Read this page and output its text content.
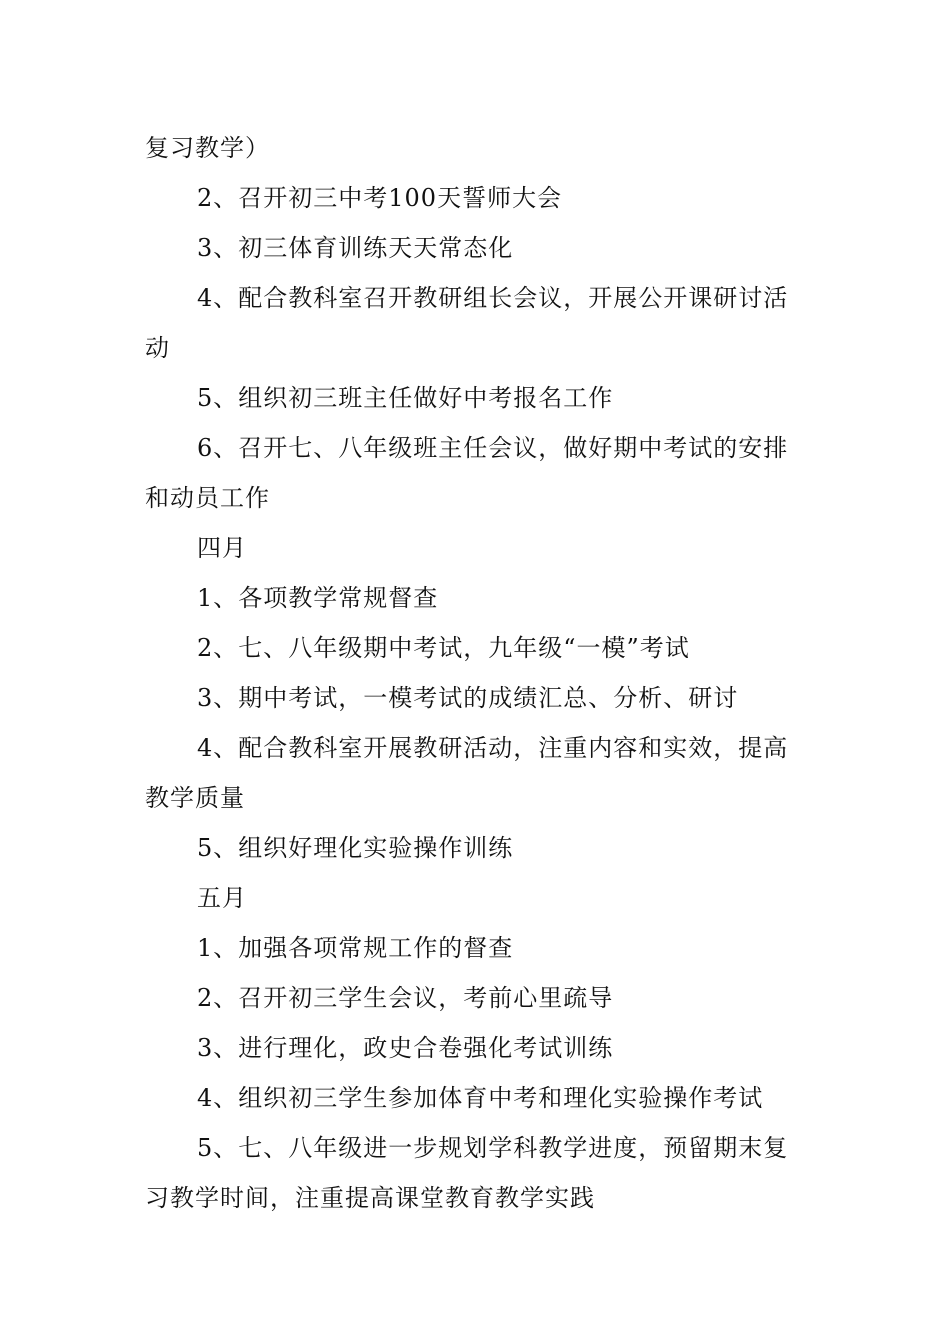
复习教学）

2、召开初三中考100天誓师大会

3、初三体育训练天天常态化

4、配合教科室召开教研组长会议，开展公开课研讨活动

5、组织初三班主任做好中考报名工作

6、召开七、八年级班主任会议，做好期中考试的安排和动员工作

四月

1、各项教学常规督查

2、七、八年级期中考试，九年级“一模”考试

3、期中考试，一模考试的成绩汇总、分析、研讨

4、配合教科室开展教研活动，注重内容和实效，提高教学质量

5、组织好理化实验操作训练

五月

1、加强各项常规工作的督查

2、召开初三学生会议，考前心里疏导

3、进行理化，政史合卷强化考试训练

4、组织初三学生参加体育中考和理化实验操作考试

5、七、八年级进一步规划学科教学进度，预留期末复习教学时间，注重提高课堂教育教学实践
